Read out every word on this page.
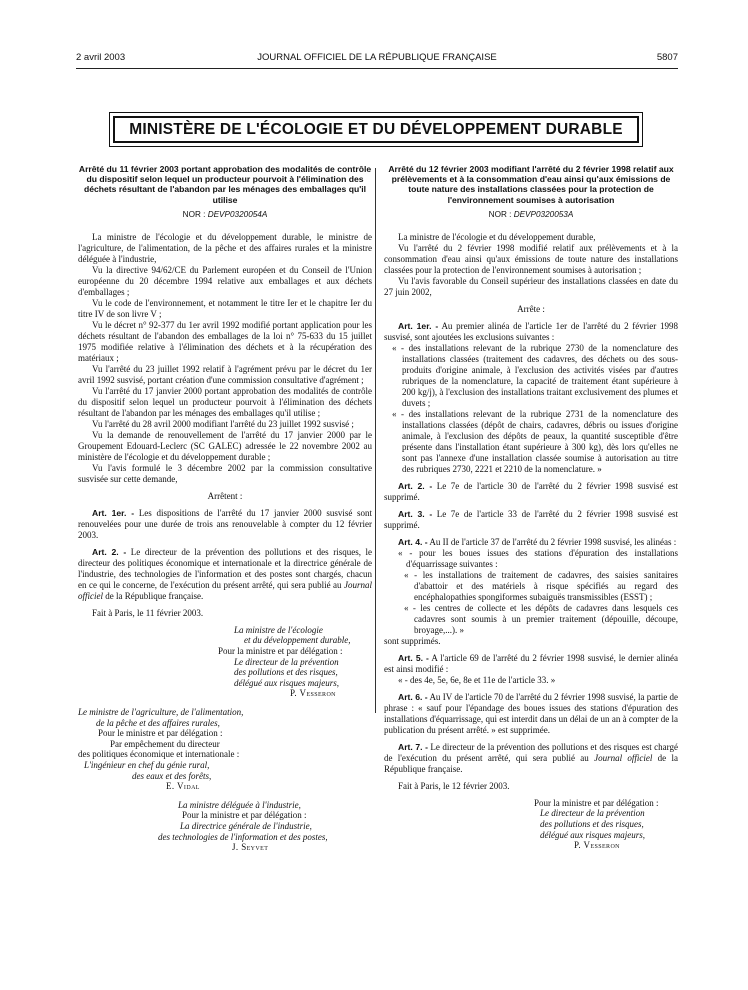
2 avril 2003	JOURNAL OFFICIEL DE LA RÉPUBLIQUE FRANÇAISE	5807
MINISTÈRE DE L'ÉCOLOGIE ET DU DÉVELOPPEMENT DURABLE
Arrêté du 11 février 2003 portant approbation des modalités de contrôle du dispositif selon lequel un producteur pourvoit à l'élimination des déchets résultant de l'abandon par les ménages des emballages qu'il utilise
NOR : DEVP0320054A

La ministre de l'écologie et du développement durable, le ministre de l'agriculture, de l'alimentation, de la pêche et des affaires rurales et la ministre déléguée à l'industrie,

Vu la directive 94/62/CE du Parlement européen et du Conseil de l'Union européenne du 20 décembre 1994 relative aux emballages et aux déchets d'emballages ;

Vu le code de l'environnement, et notamment le titre Ier et le chapitre Ier du titre IV de son livre V ;

Vu le décret n° 92-377 du 1er avril 1992 modifié portant application pour les déchets résultant de l'abandon des emballages de la loi n° 75-633 du 15 juillet 1975 modifiée relative à l'élimination des déchets et à la récupération des matériaux ;

Vu l'arrêté du 23 juillet 1992 relatif à l'agrément prévu par le décret du 1er avril 1992 susvisé, portant création d'une commission consultative d'agrément ;

Vu l'arrêté du 17 janvier 2000 portant approbation des modalités de contrôle du dispositif selon lequel un producteur pourvoit à l'élimination des déchets résultant de l'abandon par les ménages des emballages qu'il utilise ;

Vu l'arrêté du 28 avril 2000 modifiant l'arrêté du 23 juillet 1992 susvisé ;

Vu la demande de renouvellement de l'arrêté du 17 janvier 2000 par le Groupement Edouard-Leclerc (SC GALEC) adressée le 22 novembre 2002 au ministère de l'écologie et du développement durable ;

Vu l'avis formulé le 3 décembre 2002 par la commission consultative susvisée sur cette demande,

Arrêtent :

Art. 1er. - Les dispositions de l'arrêté du 17 janvier 2000 susvisé sont renouvelées pour une durée de trois ans renouvelable à compter du 12 février 2003.

Art. 2. - Le directeur de la prévention des pollutions et des risques, le directeur des politiques économique et internationale et la directrice générale de l'industrie, des technologies de l'information et des postes sont chargés, chacun en ce qui le concerne, de l'exécution du présent arrêté, qui sera publié au Journal officiel de la République française.

Fait à Paris, le 11 février 2003.

La ministre de l'écologie
et du développement durable,
Pour la ministre et par délégation :
Le directeur de la prévention
des pollutions et des risques,
délégué aux risques majeurs,
P. Vesseron
Le ministre de l'agriculture, de l'alimentation,
de la pêche et des affaires rurales,
Pour le ministre et par délégation :
Par empêchement du directeur
des politiques économique et internationale :
L'ingénieur en chef du génie rural,
des eaux et des forêts,
E. Vidal
La ministre déléguée à l'industrie,
Pour la ministre et par délégation :
La directrice générale de l'industrie,
des technologies de l'information et des postes,
J. Seyvet
Arrêté du 12 février 2003 modifiant l'arrêté du 2 février 1998 relatif aux prélèvements et à la consommation d'eau ainsi qu'aux émissions de toute nature des installations classées pour la protection de l'environnement soumises à autorisation
NOR : DEVP0320053A

La ministre de l'écologie et du développement durable,

Vu l'arrêté du 2 février 1998 modifié relatif aux prélèvements et à la consommation d'eau ainsi qu'aux émissions de toute nature des installations classées pour la protection de l'environnement soumises à autorisation ;

Vu l'avis favorable du Conseil supérieur des installations classées en date du 27 juin 2002,

Arrête :

Art. 1er. - Au premier alinéa de l'article 1er de l'arrêté du 2 février 1998 susvisé, sont ajoutées les exclusions suivantes :

« - des installations relevant de la rubrique 2730 de la nomenclature des installations classées (traitement des cadavres, des déchets ou des sous-produits d'origine animale, à l'exclusion des activités visées par d'autres rubriques de la nomenclature, la capacité de traitement étant supérieure à 200 kg/j), à l'exclusion des installations traitant exclusivement des plumes et duvets ;

« - des installations relevant de la rubrique 2731 de la nomenclature des installations classées (dépôt de chairs, cadavres, débris ou issues d'origine animale, à l'exclusion des dépôts de peaux, la quantité susceptible d'être présente dans l'installation étant supérieure à 300 kg), dès lors qu'elles ne sont pas l'annexe d'une installation classée soumise à autorisation au titre des rubriques 2730, 2221 et 2210 de la nomenclature. »

Art. 2. - Le 7e de l'article 30 de l'arrêté du 2 février 1998 susvisé est supprimé.

Art. 3. - Le 7e de l'article 33 de l'arrêté du 2 février 1998 susvisé est supprimé.

Art. 4. - Au II de l'article 37 de l'arrêté du 2 février 1998 susvisé, les alinéas :

« - pour les boues issues des stations d'épuration des installations d'équarrissage suivantes :

« - les installations de traitement de cadavres, des saisies sanitaires d'abattoir et des matériels à risque spécifiés au regard des encéphalopathies spongiformes subaiguës transmissibles (ESST) ;

« - les centres de collecte et les dépôts de cadavres dans lesquels ces cadavres sont soumis à un premier traitement (dépouille, découpe, broyage,...). »

sont supprimés.

Art. 5. - A l'article 69 de l'arrêté du 2 février 1998 susvisé, le dernier alinéa est ainsi modifié :

« - des 4e, 5e, 6e, 8e et 11e de l'article 33. »

Art. 6. - Au IV de l'article 70 de l'arrêté du 2 février 1998 susvisé, la partie de phrase : « sauf pour l'épandage des boues issues des stations d'épuration des installations d'équarrissage, qui est interdit dans un délai de un an à compter de la publication du présent arrêté. » est supprimée.

Art. 7. - Le directeur de la prévention des pollutions et des risques est chargé de l'exécution du présent arrêté, qui sera publié au Journal officiel de la République française.

Fait à Paris, le 12 février 2003.

Pour la ministre et par délégation :
Le directeur de la prévention
des pollutions et des risques,
délégué aux risques majeurs,
P. Vesseron
